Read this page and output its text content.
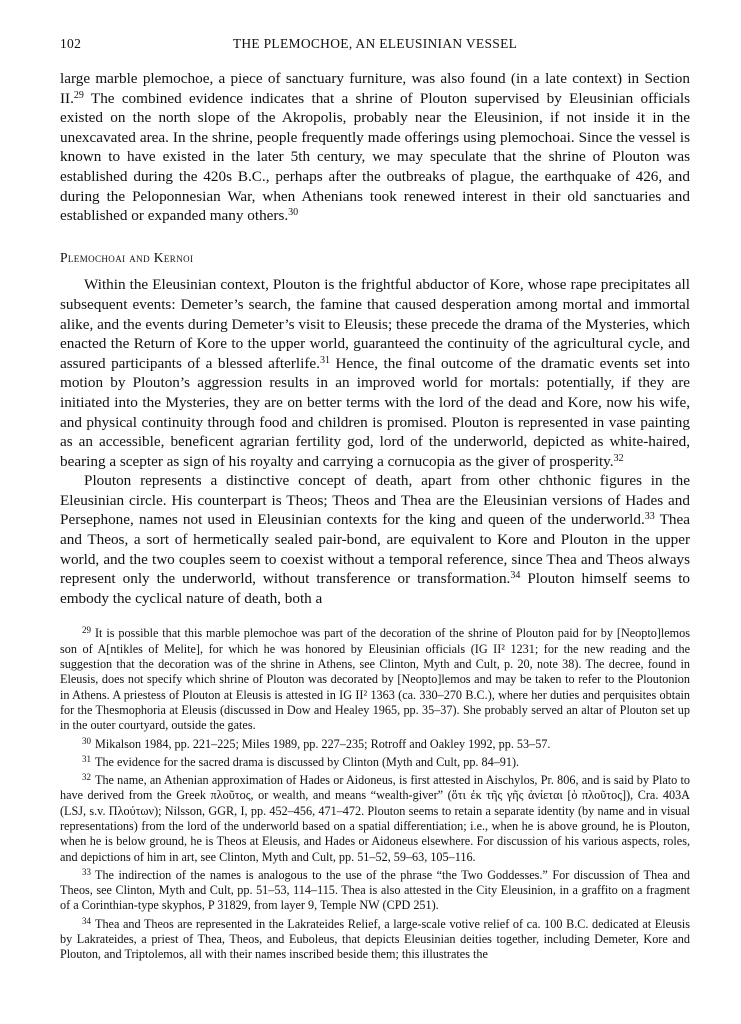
102	THE PLEMOCHOE, AN ELEUSINIAN VESSEL

large marble plemochoe, a piece of sanctuary furniture, was also found (in a late context) in Section II.$^{29}$ The combined evidence indicates that a shrine of Plouton supervised by Eleusinian officials existed on the north slope of the Akropolis, probably near the Eleusinion, if not inside it in the unexcavated area. In the shrine, people frequently made offerings using plemochoai. Since the vessel is known to have existed in the later 5th century, we may speculate that the shrine of Plouton was established during the 420s B.C., perhaps after the outbreaks of plague, the earthquake of 426, and during the Peloponnesian War, when Athenians took renewed interest in their old sanctuaries and established or expanded many others.$^{30}$

Plemochoai and Kernoi

Within the Eleusinian context, Plouton is the frightful abductor of Kore, whose rape precipitates all subsequent events: Demeter’s search, the famine that caused desperation among mortal and immortal alike, and the events during Demeter’s visit to Eleusis; these precede the drama of the Mysteries, which enacted the Return of Kore to the upper world, guaranteed the continuity of the agricultural cycle, and assured participants of a blessed afterlife.$^{31}$ Hence, the final outcome of the dramatic events set into motion by Plouton’s aggression results in an improved world for mortals: potentially, if they are initiated into the Mysteries, they are on better terms with the lord of the dead and Kore, now his wife, and physical continuity through food and children is promised. Plouton is represented in vase painting as an accessible, beneficent agrarian fertility god, lord of the underworld, depicted as white-haired, bearing a scepter as sign of his royalty and carrying a cornucopia as the giver of prosperity.$^{32}$

Plouton represents a distinctive concept of death, apart from other chthonic figures in the Eleusinian circle. His counterpart is Theos; Theos and Thea are the Eleusinian versions of Hades and Persephone, names not used in Eleusinian contexts for the king and queen of the underworld.$^{33}$ Thea and Theos, a sort of hermetically sealed pair-bond, are equivalent to Kore and Plouton in the upper world, and the two couples seem to coexist without a temporal reference, since Thea and Theos always represent only the underworld, without transference or transformation.$^{34}$ Plouton himself seems to embody the cyclical nature of death, both a

$^{29}$ It is possible that this marble plemochoe was part of the decoration of the shrine of Plouton paid for by [Neopto]lemos son of A[ntikles of Melite], for which he was honored by Eleusinian officials (IG II² 1231; for the new reading and the suggestion that the decoration was of the shrine in Athens, see Clinton, Myth and Cult, p. 20, note 38). The decree, found in Eleusis, does not specify which shrine of Plouton was decorated by [Neopto]lemos and may be taken to refer to the Ploutonion in Athens. A priestess of Plouton at Eleusis is attested in IG II² 1363 (ca. 330–270 B.C.), where her duties and perquisites obtain for the Thesmophoria at Eleusis (discussed in Dow and Healey 1965, pp. 35–37). She probably served an altar of Plouton set up in the outer courtyard, outside the gates.

$^{30}$ Mikalson 1984, pp. 221–225; Miles 1989, pp. 227–235; Rotroff and Oakley 1992, pp. 53–57.

$^{31}$ The evidence for the sacred drama is discussed by Clinton (Myth and Cult, pp. 84–91).

$^{32}$ The name, an Athenian approximation of Hades or Aidoneus, is first attested in Aischylos, Pr. 806, and is said by Plato to have derived from the Greek πλοῦτος, or wealth, and means “wealth-giver” (ὅτι ἐκ τῆς γῆς ἀνίεται [ὁ πλοῦτος]), Cra. 403A (LSJ, s.v. Πλούτων); Nilsson, GGR, I, pp. 452–456, 471–472. Plouton seems to retain a separate identity (by name and in visual representations) from the lord of the underworld based on a spatial differentiation; i.e., when he is above ground, he is Plouton, when he is below ground, he is Theos at Eleusis, and Hades or Aidoneus elsewhere. For discussion of his various aspects, roles, and depictions of him in art, see Clinton, Myth and Cult, pp. 51–52, 59–63, 105–116.

$^{33}$ The indirection of the names is analogous to the use of the phrase “the Two Goddesses.” For discussion of Thea and Theos, see Clinton, Myth and Cult, pp. 51–53, 114–115. Thea is also attested in the City Eleusinion, in a graffito on a fragment of a Corinthian-type skyphos, P 31829, from layer 9, Temple NW (CPD 251).

$^{34}$ Thea and Theos are represented in the Lakrateides Relief, a large-scale votive relief of ca. 100 B.C. dedicated at Eleusis by Lakrateides, a priest of Thea, Theos, and Euboleus, that depicts Eleusinian deities together, including Demeter, Kore and Plouton, and Triptolemos, all with their names inscribed beside them; this illustrates the
